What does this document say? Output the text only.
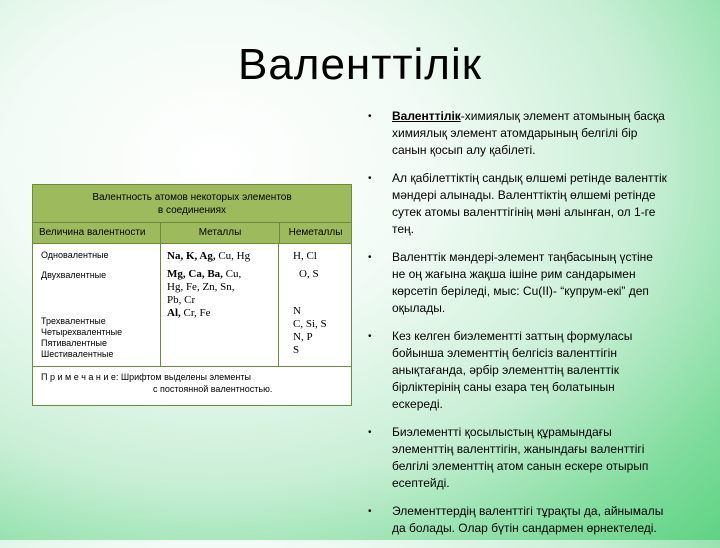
Валенттілік
Валентность атомов некоторых элементов
в соединениях
Величина валентности	Металлы	Неметаллы
Одновалентные
Двухвалентные
Трехвалентные
Четырехвалентные
Пятивалентные
Шестивалентные
Na, K, Ag, Cu, Hg
Mg, Ca, Ba, Cu,
Hg, Fe, Zn, Sn,
Pb, Cr
Al, Cr, Fe
H, Cl
O, S
N
C, Si, S
N, P
S
П р и м е ч а н и е: Шрифтом выделены элементы
с постоянной валентностью.
• Валенттілік-химиялық элемент атомының басқа химиялық элемент атомдарының белгілі бір санын қосып алу қабілеті.
• Ал қабілеттіктің сандық өлшемі ретінде валенттік мәндері алынады. Валенттіктің өлшемі ретінде сутек атомы валенттігінің мәні алынған, ол 1-ге тең.
• Валенттік мәндері-элемент таңбасының үстіне не оң жағына жақша ішіне рим сандарымен көрсетіп беріледі, мыс: Cu(II)- “купрум-екі” деп оқылады.
• Кез келген биэлементті заттың формуласы бойынша элементтің белгісіз валенттігін анықтағанда, әрбір элементтің валенттік бірліктерінің саны езара тең болатынын ескереді.
• Биэлементті қосылыстың құрамындағы элементтің валенттігін, жанындағы валенттігі белгілі элементтің атом санын ескере отырып есептейді.
• Элементтердің валенттігі тұрақты да, айнымалы да болады. Олар бүтін сандармен өрнектеледі.
